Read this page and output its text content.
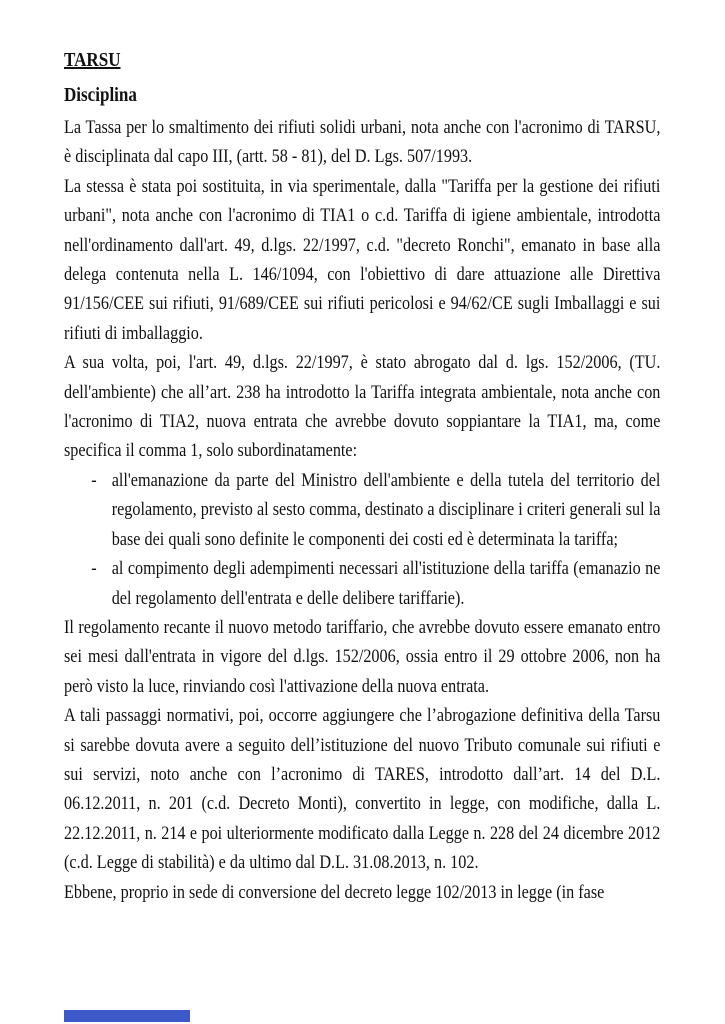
TARSU
Disciplina

La Tassa per lo smaltimento dei rifiuti solidi urbani, nota anche con l'acronimo di TARSU, è disciplinata dal capo III, (artt. 58 - 81), del D. Lgs. 507/1993.

La stessa è stata poi sostituita, in via sperimentale, dalla "Tariffa per la gestione dei rifiuti urbani", nota anche con l'acronimo di TIA1 o c.d. Tariffa di igiene ambientale, introdotta nell'ordinamento dall'art. 49, d.lgs. 22/1997, c.d. "decreto Ronchi", emanato in base alla delega contenuta nella L. 146/1094, con l'obiettivo di dare attuazione alle Direttiva 91/156/CEE sui rifiuti, 91/689/CEE sui rifiuti pericolosi e 94/62/CE sugli Imballaggi e sui rifiuti di imballaggio.

A sua volta, poi, l'art. 49, d.lgs. 22/1997, è stato abrogato dal d. lgs. 152/2006, (TU. dell'ambiente) che all’art. 238 ha introdotto la Tariffa integrata ambientale, nota anche con l'acronimo di TIA2, nuova entrata che avrebbe dovuto soppiantare la TIA1, ma, come specifica il comma 1, solo subordinatamente:

- all'emanazione da parte del Ministro dell'ambiente e della tutela del territorio del regolamento, previsto al sesto comma, destinato a disciplinare i criteri generali sul la base dei quali sono definite le componenti dei costi ed è determinata la tariffa;

- al compimento degli adempimenti necessari all'istituzione della tariffa (emanazio ne del regolamento dell'entrata e delle delibere tariffarie).

Il regolamento recante il nuovo metodo tariffario, che avrebbe dovuto essere emanato entro sei mesi dall'entrata in vigore del d.lgs. 152/2006, ossia entro il 29 ottobre 2006, non ha però visto la luce, rinviando così l'attivazione della nuova entrata.

A tali passaggi normativi, poi, occorre aggiungere che l’abrogazione definitiva della Tarsu si sarebbe dovuta avere a seguito dell’istituzione del nuovo Tributo comunale sui rifiuti e sui servizi, noto anche con l’acronimo di TARES, introdotto dall’art. 14 del D.L. 06.12.2011, n. 201 (c.d. Decreto Monti), convertito in legge, con modifiche, dalla L. 22.12.2011, n. 214 e poi ulteriormente modificato dalla Legge n. 228 del 24 dicembre 2012 (c.d. Legge di stabilità) e da ultimo dal D.L. 31.08.2013, n. 102.

Ebbene, proprio in sede di conversione del decreto legge 102/2013 in legge (in fase
